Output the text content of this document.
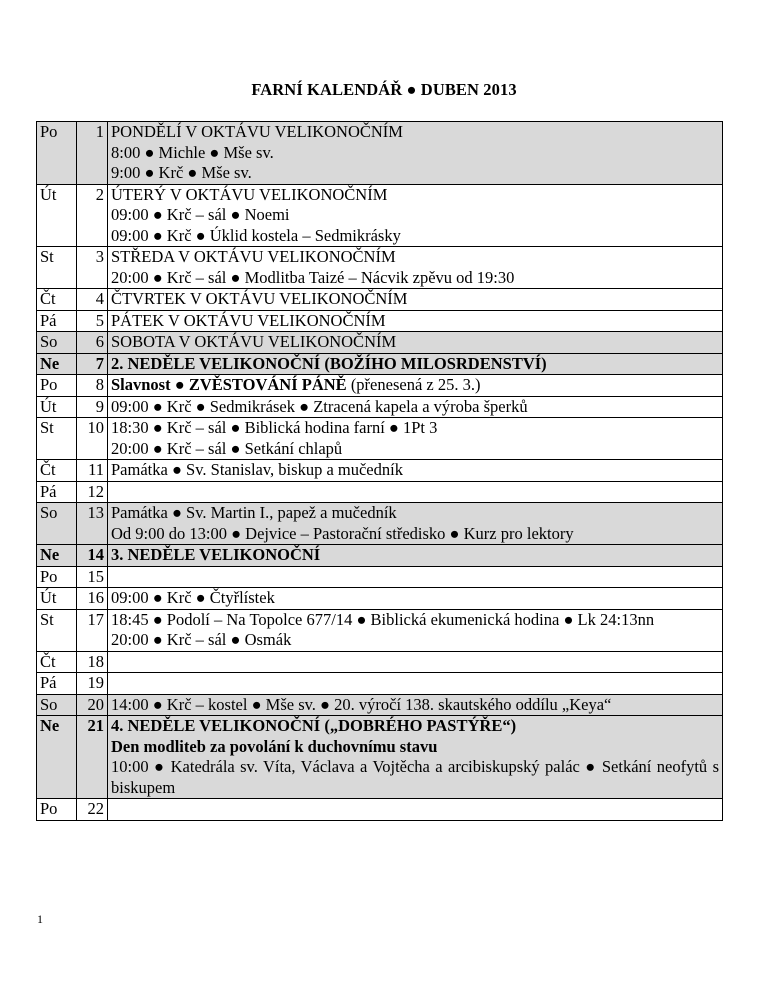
FARNÍ KALENDÁŘ ● DUBEN 2013
Po	1	PONDĚLÍ V OKTÁVU VELIKONOČNÍM
8:00 ● Michle ● Mše sv.
9:00 ● Krč ● Mše sv.

Út	2	ÚTERÝ V OKTÁVU VELIKONOČNÍM
09:00 ● Krč – sál ● Noemi
09:00 ● Krč ● Úklid kostela – Sedmikrásky

St	3	STŘEDA V OKTÁVU VELIKONOČNÍM
20:00 ● Krč – sál ● Modlitba Taizé – Nácvik zpěvu od 19:30

Čt	4	ČTVRTEK V OKTÁVU VELIKONOČNÍM

Pá	5	PÁTEK V OKTÁVU VELIKONOČNÍM

So	6	SOBOTA V OKTÁVU VELIKONOČNÍM

Ne	7	2. NEDĚLE VELIKONOČNÍ (BOŽÍHO MILOSRDENSTVÍ)

Po	8	Slavnost ● ZVĚSTOVÁNÍ PÁNĚ (přenesená z 25. 3.)

Út	9	09:00 ● Krč ● Sedmikrásek ● Ztracená kapela a výroba šperků

St	10	18:30 ● Krč – sál ● Biblická hodina farní ● 1Pt 3
20:00 ● Krč – sál ● Setkání chlapů

Čt	11	Památka ● Sv. Stanislav, biskup a mučedník

Pá	12	

So	13	Památka ● Sv. Martin I., papež a mučedník
Od 9:00 do 13:00 ● Dejvice – Pastorační středisko ● Kurz pro lektory

Ne	14	3. NEDĚLE VELIKONOČNÍ

Po	15	

Út	16	09:00 ● Krč ● Čtyřlístek

St	17	18:45 ● Podolí – Na Topolce 677/14 ● Biblická ekumenická hodina ● Lk 24:13nn
20:00 ● Krč – sál ● Osmák

Čt	18	

Pá	19	

So	20	14:00 ● Krč – kostel ● Mše sv. ● 20. výročí 138. skautského oddílu „Keya“

Ne	21	4. NEDĚLE VELIKONOČNÍ („DOBRÉHO PASTÝŘE“)
Den modliteb za povolání k duchovnímu stavu
10:00 ● Katedrála sv. Víta, Václava a Vojtěcha a arcibiskupský palác ● Setkání neofytů s biskupem

Po	22	

1
